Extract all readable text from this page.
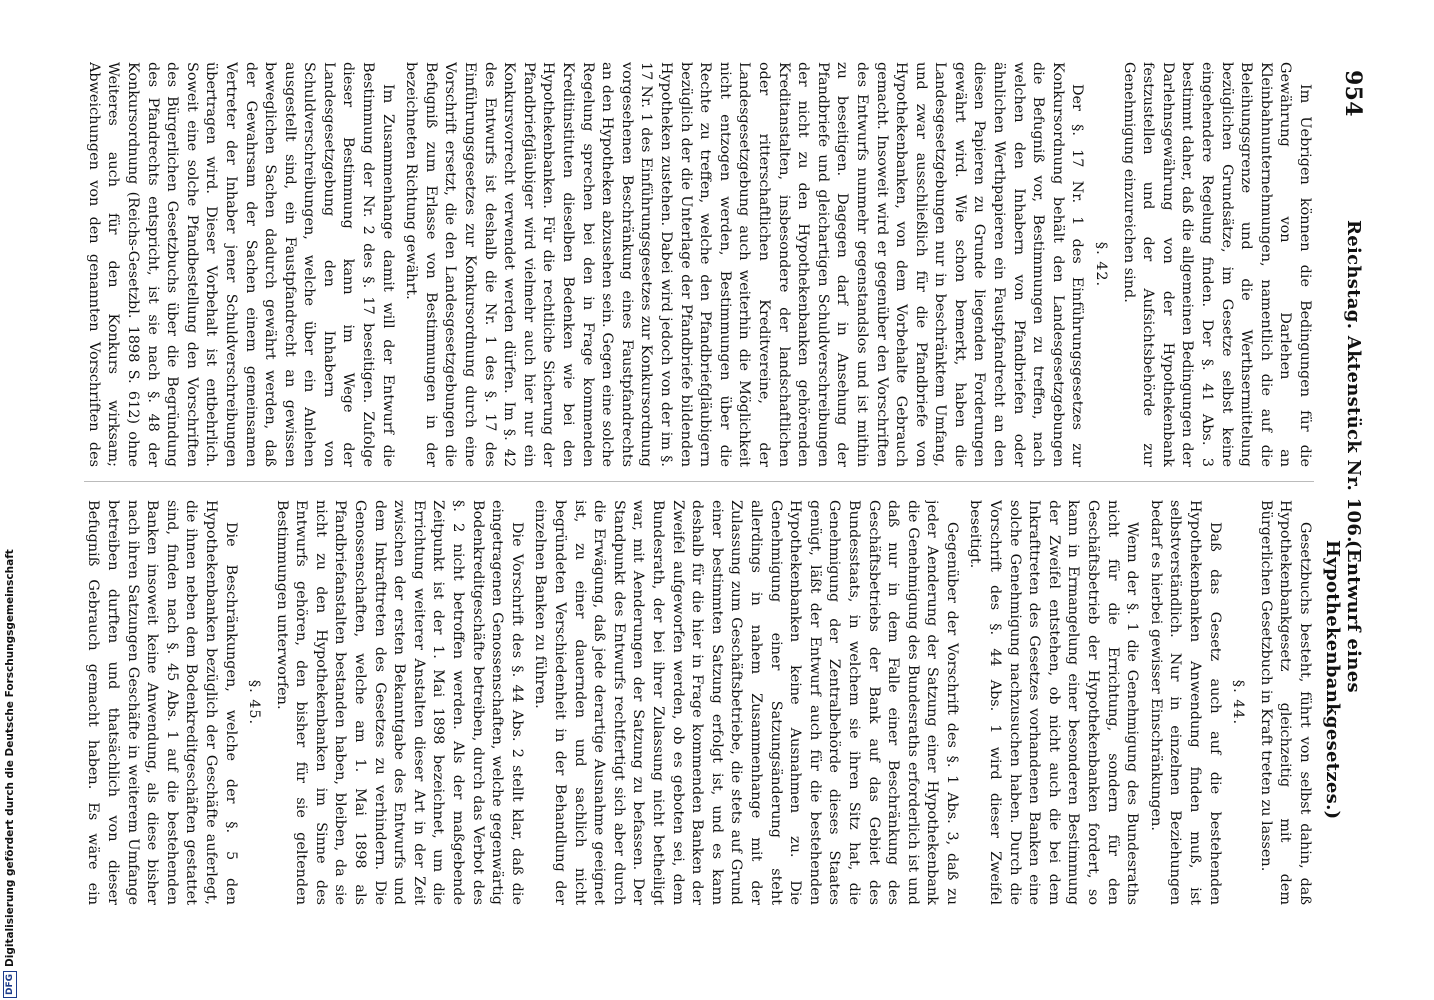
954
Reichstag. Aktenstück Nr. 106.
(Entwurf eines Hypothekenbankgesetzes.)

Im Uebrigen können die Bedingungen für die Gewährung von Darlehen an Kleinbahnunternehmungen, namentlich die auf die Beleihungsgrenze und die Werthsermittelung bezüglichen Grundsätze, im Gesetze selbst keine eingehendere Regelung finden. Der §. 41 Abs. 3 bestimmt daher, daß die allgemeinen Bedingungen der Darlehnsgewährung von der Hypothekenbank festzustellen und der Aufsichtsbehörde zur Genehmigung einzureichen sind.

§. 42.

Der §. 17 Nr. 1 des Einführungsgesetzes zur Konkursordnung behält den Landesgesetzgebungen die Befugniß vor, Bestimmungen zu treffen, nach welchen den Inhabern von Pfandbriefen oder ähnlichen Werthpapieren ein Faustpfandrecht an den diesen Papieren zu Grunde liegenden Forderungen gewährt wird. Wie schon bemerkt, haben die Landesgesetzgebungen nur in beschränktem Umfang, und zwar ausschließlich für die Pfandbriefe von Hypothekenbanken, von dem Vorbehalte Gebrauch gemacht. Insoweit wird er gegenüber den Vorschriften des Entwurfs nunmehr gegenstandslos und ist mithin zu beseitigen. Dagegen darf in Ansehung der Pfandbriefe und gleichartigen Schuldverschreibungen der nicht zu den Hypothekenbanken gehörenden Kreditanstalten, insbesondere der landschaftlichen oder ritterschaftlichen Kreditvereine, der Landesgesetzgebung auch weiterhin die Möglichkeit nicht entzogen werden, Bestimmungen über die Rechte zu treffen, welche den Pfandbriefgläubigern bezüglich der die Unterlage der Pfandbriefe bildenden Hypotheken zustehen. Dabei wird jedoch von der im §. 17 Nr. 1 des Einführungsgesetzes zur Konkursordnung vorgesehenen Beschränkung eines Faustpfandrechts an den Hypotheken abzusehen sein. Gegen eine solche Regelung sprechen bei den in Frage kommenden Kreditinstituten dieselben Bedenken wie bei den Hypothekenbanken. Für die rechtliche Sicherung der Pfandbriefgläubiger wird vielmehr auch hier nur ein Konkursvorrecht verwendet werden dürfen. Im §. 42 des Entwurfs ist deshalb die Nr. 1 des §. 17 des Einführungsgesetzes zur Konkursordnung durch eine Vorschrift ersetzt, die den Landesgesetzgebungen die Befugniß zum Erlasse von Bestimmungen in der bezeichneten Richtung gewährt.

Im Zusammenhange damit will der Entwurf die Bestimmung der Nr. 2 des §. 17 beseitigen. Zufolge dieser Bestimmung kann im Wege der Landesgesetzgebung den Inhabern von Schuldverschreibungen, welche über ein Anlehen ausgestellt sind, ein Faustpfandrecht an gewissen beweglichen Sachen dadurch gewährt werden, daß der Gewahrsam der Sachen einem gemeinsamen Vertreter der Inhaber jener Schuldverschreibungen übertragen wird. Dieser Vorbehalt ist entbehrlich. Soweit eine solche Pfandbestellung den Vorschriften des Bürgerlichen Gesetzbuchs über die Begründung des Pfandrechts entspricht, ist sie nach §. 48 der Konkursordnung (Reichs-Gesetzbl. 1898 S. 612) ohne Weiteres auch für den Konkurs wirksam; Abweichungen von den genannten Vorschriften des

Gesetzbuchs besteht, führt von selbst dahin, daß Hypothekenbankgesetz gleichzeitig mit dem Bürgerlichen Gesetzbuch in Kraft treten zu lassen.

§. 44.

Daß das Gesetz auch auf die bestehenden Hypothekenbanken Anwendung finden muß, ist selbstverständlich. Nur in einzelnen Beziehungen bedarf es hierbei gewisser Einschränkungen.

Wenn der §. 1 die Genehmigung des Bundesraths nicht für die Errichtung, sondern für den Geschäftsbetrieb der Hypothekenbanken fordert, so kann in Ermangelung einer besonderen Bestimmung der Zweifel entstehen, ob nicht auch die bei dem Inkrafttreten des Gesetzes vorhandenen Banken eine solche Genehmigung nachzusuchen haben. Durch die Vorschrift des §. 44 Abs. 1 wird dieser Zweifel beseitigt.

Gegenüber der Vorschrift des §. 1 Abs. 3, daß zu jeder Aenderung der Satzung einer Hypothekenbank die Genehmigung des Bundesraths erforderlich ist und daß nur in dem Falle einer Beschränkung des Geschäftsbetriebs der Bank auf das Gebiet des Bundesstaats, in welchem sie ihren Sitz hat, die Genehmigung der Zentralbehörde dieses Staates genügt, läßt der Entwurf auch für die bestehenden Hypothekenbanken keine Ausnahmen zu. Die Genehmigung einer Satzungsänderung steht allerdings in nahem Zusammenhange mit der Zulassung zum Geschäftsbetriebe, die stets auf Grund einer bestimmten Satzung erfolgt ist, und es kann deshalb für die hier in Frage kommenden Banken der Zweifel aufgeworfen werden, ob es geboten sei, dem Bundesrath, der bei ihrer Zulassung nicht betheiligt war, mit Aenderungen der Satzung zu befassen. Der Standpunkt des Entwurfs rechtfertigt sich aber durch die Erwägung, daß jede derartige Ausnahme geeignet ist, zu einer dauernden und sachlich nicht begründeten Verschiedenheit in der Behandlung der einzelnen Banken zu führen.

Die Vorschrift des §. 44 Abs. 2 stellt klar, daß die eingetragenen Genossenschaften, welche gegenwärtig Bodenkreditgeschäfte betreiben, durch das Verbot des §. 2 nicht betroffen werden. Als der maßgebende Zeitpunkt ist der 1. Mai 1898 bezeichnet, um die Errichtung weiterer Anstalten dieser Art in der Zeit zwischen der ersten Bekanntgabe des Entwurfs und dem Inkrafttreten des Gesetzes zu verhindern. Die Genossenschaften, welche am 1. Mai 1898 als Pfandbriefanstalten bestanden haben, bleiben, da sie nicht zu den Hypothekenbanken im Sinne des Entwurfs gehören, den bisher für sie geltenden Bestimmungen unterworfen.

§. 45.

Die Beschränkungen, welche der §. 5 den Hypothekenbanken bezüglich der Geschäfte auferlegt, die ihnen neben dem Bodenkreditgeschäften gestattet sind, finden nach §. 45 Abs. 1 auf die bestehenden Banken insoweit keine Anwendung, als diese bisher nach ihren Satzungen Geschäfte in weiterem Umfange betreiben durften und thatsächlich von dieser Befugniß Gebrauch gemacht haben. Es wäre ein

DFG
Digitalisierung gefördert durch die Deutsche Forschungsgemeinschaft
